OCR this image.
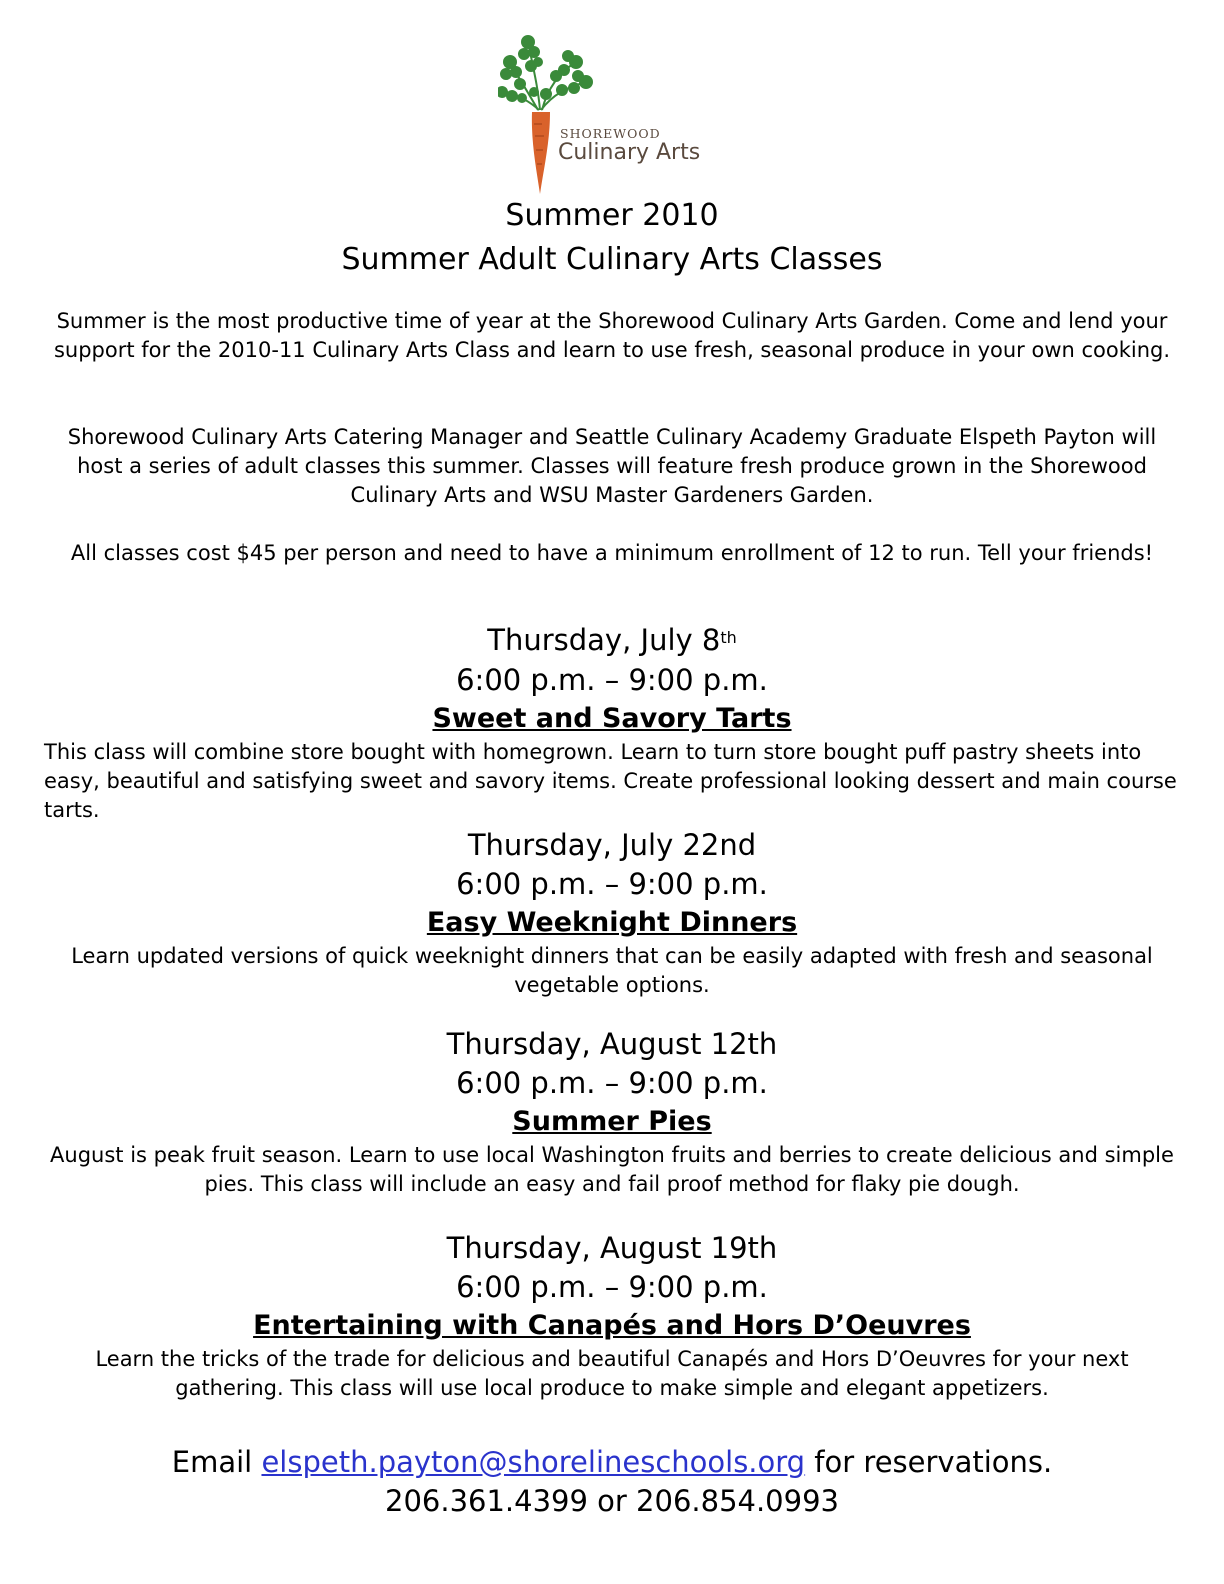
SHOREWOOD
Culinary Arts
Summer 2010
Summer Adult Culinary Arts Classes
Summer is the most productive time of year at the Shorewood Culinary Arts Garden. Come and lend your support for the 2010-11 Culinary Arts Class and learn to use fresh, seasonal produce in your own cooking.
Shorewood Culinary Arts Catering Manager and Seattle Culinary Academy Graduate Elspeth Payton will host a series of adult classes this summer. Classes will feature fresh produce grown in the Shorewood Culinary Arts and WSU Master Gardeners Garden.
All classes cost $45 per person and need to have a minimum enrollment of 12 to run. Tell your friends!
Thursday, July 8th
6:00 p.m. – 9:00 p.m.
Sweet and Savory Tarts
This class will combine store bought with homegrown. Learn to turn store bought puff pastry sheets into easy, beautiful and satisfying sweet and savory items. Create professional looking dessert and main course tarts.
Thursday, July 22nd
6:00 p.m. – 9:00 p.m.
Easy Weeknight Dinners
Learn updated versions of quick weeknight dinners that can be easily adapted with fresh and seasonal vegetable options.
Thursday, August 12th
6:00 p.m. – 9:00 p.m.
Summer Pies
August is peak fruit season. Learn to use local Washington fruits and berries to create delicious and simple pies. This class will include an easy and fail proof method for flaky pie dough.
Thursday, August 19th
6:00 p.m. – 9:00 p.m.
Entertaining with Canapés and Hors D’Oeuvres
Learn the tricks of the trade for delicious and beautiful Canapés and Hors D’Oeuvres for your next gathering. This class will use local produce to make simple and elegant appetizers.
Email elspeth.payton@shorelineschools.org for reservations.
206.361.4399 or 206.854.0993
